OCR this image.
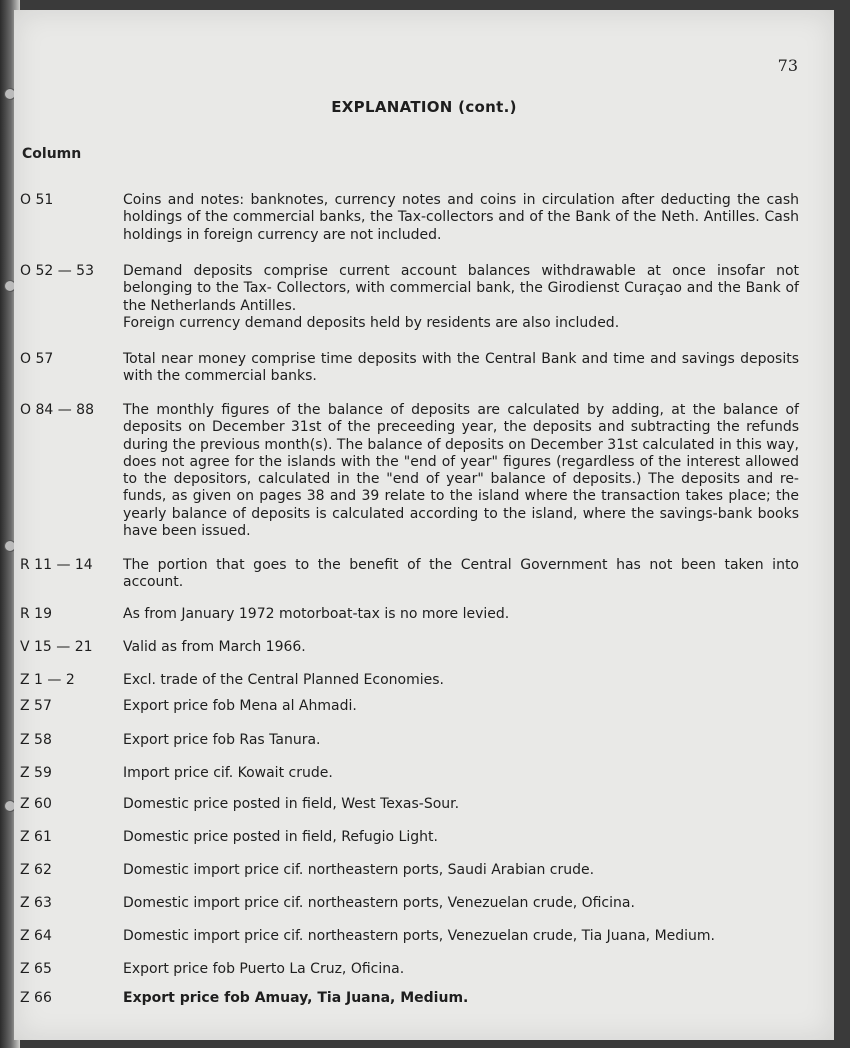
73
EXPLANATION (cont.)
Column
O 51	Coins and notes: banknotes, currency notes and coins in circulation after deducting the cash holdings of the commercial banks, the Tax-collectors and of the Bank of the Neth. Antilles. Cash holdings in foreign currency are not included.

O 52 — 53 Demand deposits comprise current account balances withdrawable at once insofar not belonging to the Tax- Collectors, with commercial bank, the Girodienst Curaçao and the Bank of the Netherlands Antilles.

Foreign currency demand deposits held by residents are also included.

O 57	Total near money comprise time deposits with the Central Bank and time and savings deposits with the commercial banks.

O 84 — 88 The monthly figures of the balance of deposits are calculated by adding, at the balance of deposits on December 31st of the preceeding year, the deposits and subtracting the refunds during the previous month(s). The balance of deposits on December 31st calculated in this way, does not agree for the islands with the "end of year" figures (regardless of the interest allowed to the depositors, calculated in the "end of year" balance of deposits.) The deposits and re-funds, as given on pages 38 and 39 relate to the island where the transaction takes place; the yearly balance of deposits is calculated according to the island, where the savings-bank books have been issued.

R 11 — 14 The portion that goes to the benefit of the Central Government has not been taken into account.

R 19	As from January 1972 motorboat-tax is no more levied.

V 15 — 21 Valid as from March 1966.

Z 1 — 2	Excl. trade of the Central Planned Economies.

Z 57	Export price fob Mena al Ahmadi.

Z 58	Export price fob Ras Tanura.

Z 59	Import price cif. Kowait crude.

Z 60	Domestic price posted in field, West Texas-Sour.

Z 61	Domestic price posted in field, Refugio Light.

Z 62	Domestic import price cif. northeastern ports, Saudi Arabian crude.

Z 63	Domestic import price cif. northeastern ports, Venezuelan crude, Oficina.

Z 64	Domestic import price cif. northeastern ports, Venezuelan crude, Tia Juana, Medium.

Z 65	Export price fob Puerto La Cruz, Oficina.

Z 66	Export price fob Amuay, Tia Juana, Medium.
